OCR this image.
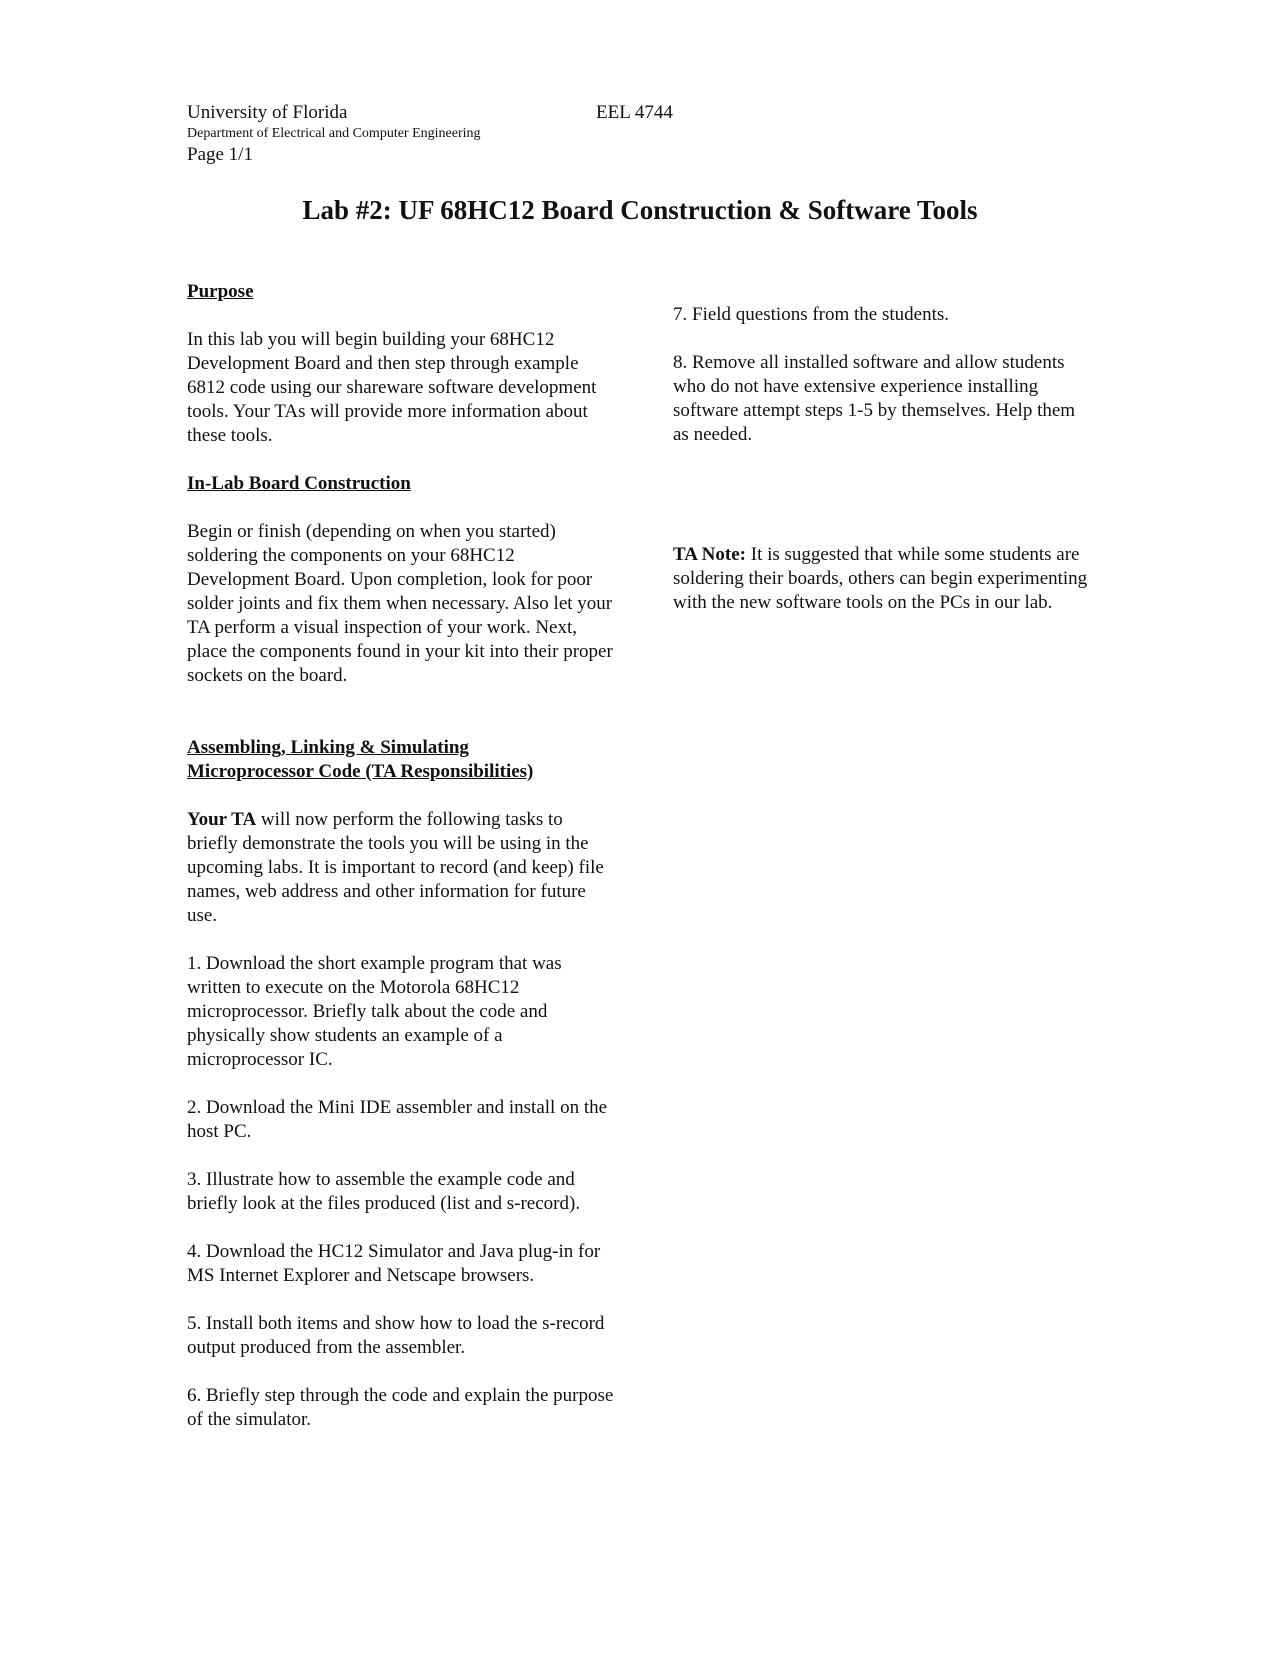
University of Florida
Department of Electrical and Computer Engineering
Page 1/1
EEL 4744
Lab #2: UF 68HC12 Board Construction & Software Tools

Purpose

In this lab you will begin building your 68HC12 Development Board and then step through example 6812 code using our shareware software development tools. Your TAs will provide more information about these tools.

In-Lab Board Construction

Begin or finish (depending on when you started) soldering the components on your 68HC12 Development Board. Upon completion, look for poor solder joints and fix them when necessary. Also let your TA perform a visual inspection of your work. Next, place the components found in your kit into their proper sockets on the board.

Assembling, Linking & Simulating

Microprocessor Code (TA Responsibilities)

Your TA will now perform the following tasks to briefly demonstrate the tools you will be using in the upcoming labs. It is important to record (and keep) file names, web address and other information for future use.

1. Download the short example program that was written to execute on the Motorola 68HC12 microprocessor. Briefly talk about the code and physically show students an example of a microprocessor IC.

2. Download the Mini IDE assembler and install on the host PC.

3. Illustrate how to assemble the example code and briefly look at the files produced (list and s-record).

4. Download the HC12 Simulator and Java plug-in for MS Internet Explorer and Netscape browsers.

5. Install both items and show how to load the s-record output produced from the assembler.

6. Briefly step through the code and explain the purpose of the simulator.

7. Field questions from the students.

8. Remove all installed software and allow students who do not have extensive experience installing software attempt steps 1-5 by themselves. Help them as needed.

TA Note: It is suggested that while some students are soldering their boards, others can begin experimenting with the new software tools on the PCs in our lab.
